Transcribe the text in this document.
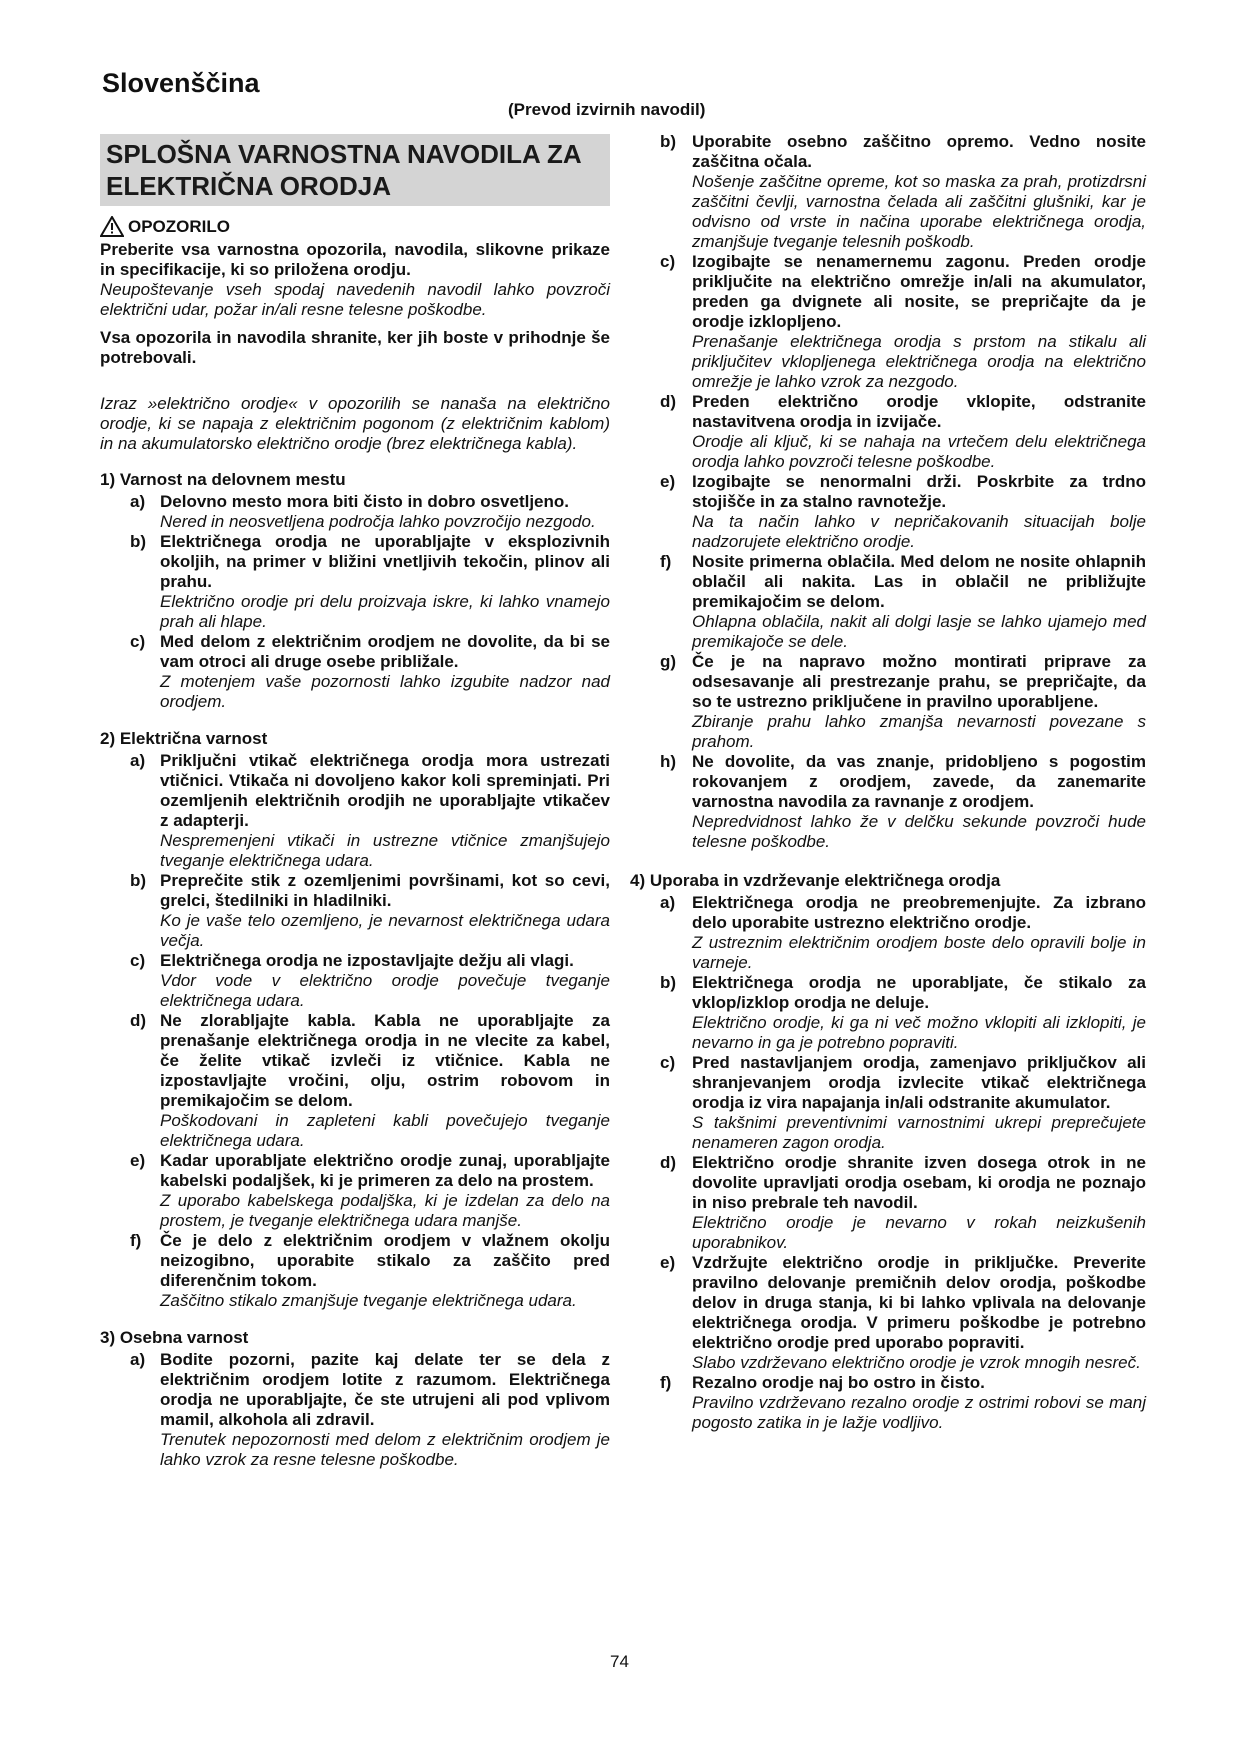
Slovenščina
(Prevod izvirnih navodil)
SPLOŠNA VARNOSTNA NAVODILA ZA ELEKTRIČNA ORODJA
OPOZORILO

Preberite vsa varnostna opozorila, navodila, slikovne prikaze in specifikacije, ki so priložena orodju.

Neupoštevanje vseh spodaj navedenih navodil lahko povzroči električni udar, požar in/ali resne telesne poškodbe.

Vsa opozorila in navodila shranite, ker jih boste v prihodnje še potrebovali.

Izraz »električno orodje« v opozorilih se nanaša na električno orodje, ki se napaja z električnim pogonom (z električnim kablom) in na akumulatorsko električno orodje (brez električnega kabla).

1) Varnost na delovnem mestu
a) Delovno mesto mora biti čisto in dobro osvetljeno.

Nered in neosvetljena področja lahko povzročijo nezgodo.

b) Električnega orodja ne uporabljajte v eksplozivnih okoljih, na primer v bližini vnetljivih tekočin, plinov ali prahu.

Električno orodje pri delu proizvaja iskre, ki lahko vnamejo prah ali hlape.

c) Med delom z električnim orodjem ne dovolite, da bi se vam otroci ali druge osebe približale.

Z motenjem vaše pozornosti lahko izgubite nadzor nad orodjem.

2) Električna varnost
a) Priključni vtikač električnega orodja mora ustrezati vtičnici. Vtikača ni dovoljeno kakor koli spreminjati. Pri ozemljenih električnih orodjih ne uporabljajte vtikačev z adapterji.

Nespremenjeni vtikači in ustrezne vtičnice zmanjšujejo tveganje električnega udara.

b) Preprečite stik z ozemljenimi površinami, kot so cevi, grelci, štedilniki in hladilniki.

Ko je vaše telo ozemljeno, je nevarnost električnega udara večja.

c) Električnega orodja ne izpostavljajte dežju ali vlagi.

Vdor vode v električno orodje povečuje tveganje električnega udara.

d) Ne zlorabljajte kabla. Kabla ne uporabljajte za prenašanje električnega orodja in ne vlecite za kabel, če želite vtikač izvleči iz vtičnice. Kabla ne izpostavljajte vročini, olju, ostrim robovom in premikajočim se delom.

Poškodovani in zapleteni kabli povečujejo tveganje električnega udara.

e) Kadar uporabljate električno orodje zunaj, uporabljajte kabelski podaljšek, ki je primeren za delo na prostem.

Z uporabo kabelskega podaljška, ki je izdelan za delo na prostem, je tveganje električnega udara manjše.

f)	Če je delo z električnim orodjem v vlažnem okolju neizogibno, uporabite stikalo za zaščito pred diferenčnim tokom.

Zaščitno stikalo zmanjšuje tveganje električnega udara.

3) Osebna varnost
a) Bodite pozorni, pazite kaj delate ter se dela z električnim orodjem lotite z razumom. Električnega orodja ne uporabljajte, če ste utrujeni ali pod vplivom mamil, alkohola ali zdravil.

Trenutek nepozornosti med delom z električnim orodjem je lahko vzrok za resne telesne poškodbe.

b) Uporabite osebno zaščitno opremo. Vedno nosite zaščitna očala.

Nošenje zaščitne opreme, kot so maska za prah, protizdrsni zaščitni čevlji, varnostna čelada ali zaščitni glušniki, kar je odvisno od vrste in načina uporabe električnega orodja, zmanjšuje tveganje telesnih poškodb.

c) Izogibajte se nenamernemu zagonu. Preden orodje priključite na električno omrežje in/ali na akumulator, preden ga dvignete ali nosite, se prepričajte da je orodje izklopljeno.

Prenašanje električnega orodja s prstom na stikalu ali priključitev vklopljenega električnega orodja na električno omrežje je lahko vzrok za nezgodo.

d) Preden električno orodje vklopite, odstranite nastavitvena orodja in izvijače.

Orodje ali ključ, ki se nahaja na vrtečem delu električnega orodja lahko povzroči telesne poškodbe.

e) Izogibajte se nenormalni drži. Poskrbite za trdno stojišče in za stalno ravnotežje.

Na ta način lahko v nepričakovanih situacijah bolje nadzorujete električno orodje.

f)	Nosite primerna oblačila. Med delom ne nosite ohlapnih oblačil ali nakita. Las in oblačil ne približujte premikajočim se delom.

Ohlapna oblačila, nakit ali dolgi lasje se lahko ujamejo med premikajoče se dele.

g) Če je na napravo možno montirati priprave za odsesavanje ali prestrezanje prahu, se prepričajte, da so te ustrezno priključene in pravilno uporabljene.

Zbiranje prahu lahko zmanjša nevarnosti povezane s prahom.

h) Ne dovolite, da vas znanje, pridobljeno s pogostim rokovanjem z orodjem, zavede, da zanemarite varnostna navodila za ravnanje z orodjem.

Nepredvidnost lahko že v delčku sekunde povzroči hude telesne poškodbe.

4) Uporaba in vzdrževanje električnega orodja
a) Električnega orodja ne preobremenjujte. Za izbrano delo uporabite ustrezno električno orodje.

Z ustreznim električnim orodjem boste delo opravili bolje in varneje.

b) Električnega orodja ne uporabljate, če stikalo za vklop/izklop orodja ne deluje.

Električno orodje, ki ga ni več možno vklopiti ali izklopiti, je nevarno in ga je potrebno popraviti.

c) Pred nastavljanjem orodja, zamenjavo priključkov ali shranjevanjem orodja izvlecite vtikač električnega orodja iz vira napajanja in/ali odstranite akumulator.

S takšnimi preventivnimi varnostnimi ukrepi preprečujete nenameren zagon orodja.

d) Električno orodje shranite izven dosega otrok in ne dovolite upravljati orodja osebam, ki orodja ne poznajo in niso prebrale teh navodil.

Električno orodje je nevarno v rokah neizkušenih uporabnikov.

e) Vzdržujte električno orodje in priključke. Preverite pravilno delovanje premičnih delov orodja, poškodbe delov in druga stanja, ki bi lahko vplivala na delovanje električnega orodja. V primeru poškodbe je potrebno električno orodje pred uporabo popraviti.

Slabo vzdrževano električno orodje je vzrok mnogih nesreč.

f)	Rezalno orodje naj bo ostro in čisto.

Pravilno vzdrževano rezalno orodje z ostrimi robovi se manj pogosto zatika in je lažje vodljivo.

74
